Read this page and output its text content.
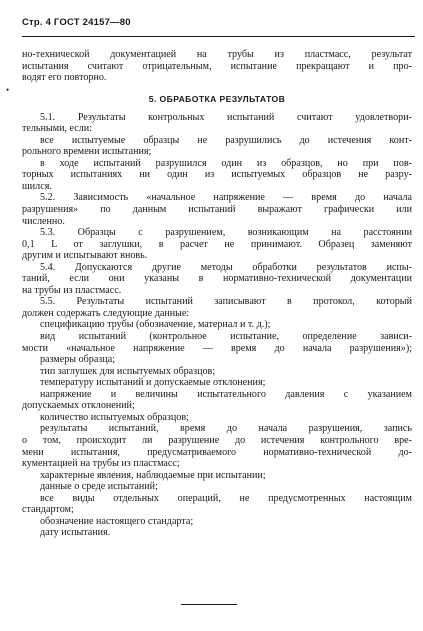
Стр. 4 ГОСТ 24157—80
•
но-технической документацией на трубы из пластмасс, результат
испытания считают отрицательным, испытание прекращают и про-
водят его повторно.
5. ОБРАБОТКА РЕЗУЛЬТАТОВ
5.1. Результаты контрольных испытаний считают удовлетвори-
тельными, если:
все испытуемые образцы не разрушились до истечения конт-
рольного времени испытания;
в ходе испытаний разрушился один из образцов, но при пов-
торных испытаниях ни один из испытуемых образцов не разру-
шился.
5.2. Зависимость «начальное напряжение — время до начала
разрушения» по данным испытаний выражают графически или
численно.
5.3. Образцы с разрушением, возникающим на расстоянии
0,1 L от заглушки, в расчет не принимают. Образец заменяют
другим и испытывают вновь.
5.4. Допускаются другие методы обработки результатов испы-
таний, если они указаны в нормативно-технической документации
на трубы из пластмасс.
5.5. Результаты испытаний записывают в протокол, который
должен содержать следующие данные:
спецификацию трубы (обозначение, материал и т. д.);
вид испытаний (контрольное испытание, определение зависи-
мости «начальное напряжение — время до начала разрушения»);
размеры образца;
тип заглушек для испытуемых образцов;
температуру испытаний и допускаемые отклонения;
напряжение и величины испытательного давления с указанием
допускаемых отклонений;
количество испытуемых образцов;
результаты испытаний, время до начала разрушения, запись
о том, происходит ли разрушение до истечения контрольного вре-
мени испытания, предусматриваемого нормативно-технической до-
кументацией на трубы из пластмасс;
характерные явления, наблюдаемые при испытании;
данные о среде испытаний;
все виды отдельных операций, не предусмотренных настоящим
стандартом;
обозначение настоящего стандарта;
дату испытания.
